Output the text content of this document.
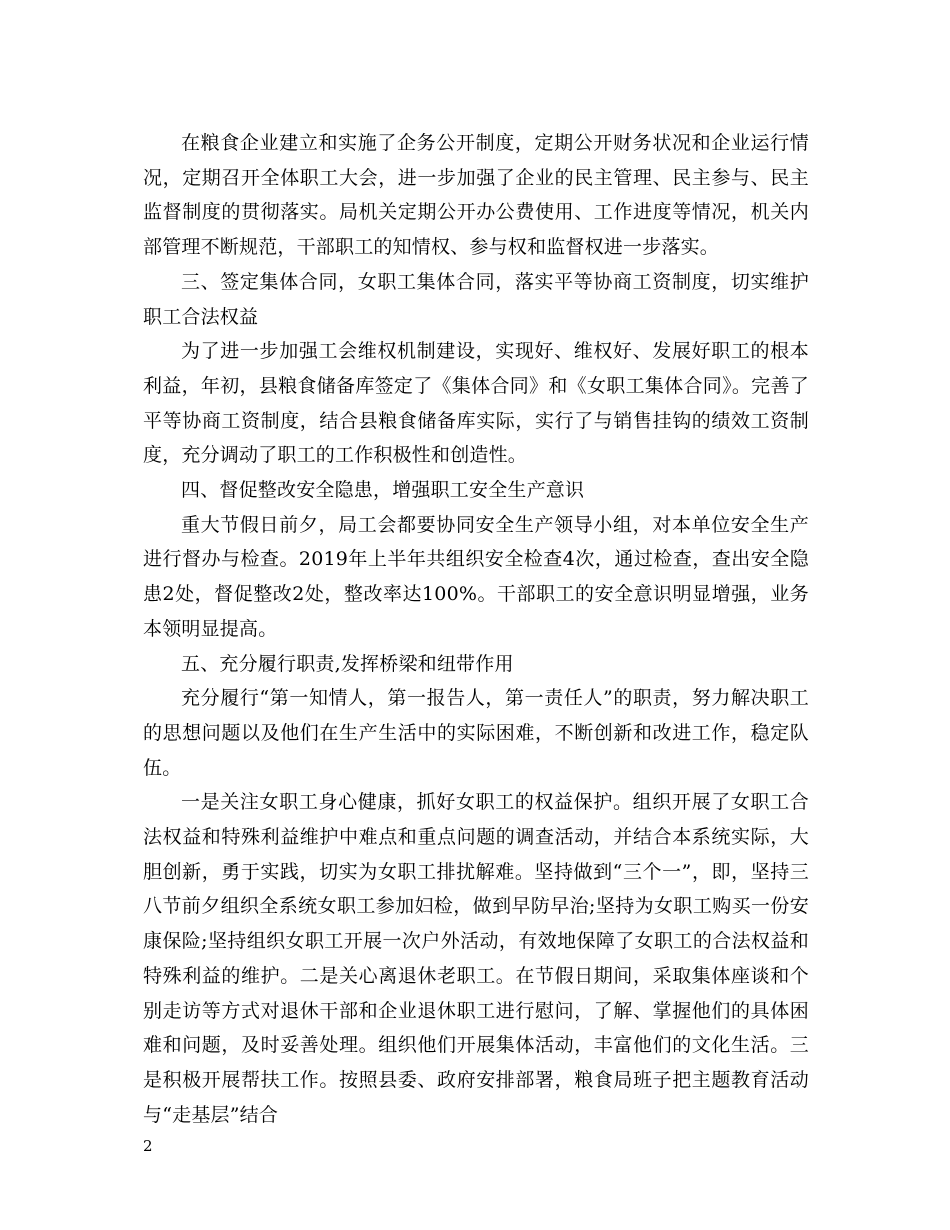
在粮食企业建立和实施了企务公开制度，定期公开财务状况和企业运行情况，定期召开全体职工大会，进一步加强了企业的民主管理、民主参与、民主监督制度的贯彻落实。局机关定期公开办公费使用、工作进度等情况，机关内部管理不断规范，干部职工的知情权、参与权和监督权进一步落实。

三、签定集体合同，女职工集体合同，落实平等协商工资制度，切实维护职工合法权益

为了进一步加强工会维权机制建设，实现好、维权好、发展好职工的根本利益，年初，县粮食储备库签定了《集体合同》和《女职工集体合同》。完善了平等协商工资制度，结合县粮食储备库实际，实行了与销售挂钩的绩效工资制度，充分调动了职工的工作积极性和创造性。

四、督促整改安全隐患，增强职工安全生产意识

重大节假日前夕，局工会都要协同安全生产领导小组，对本单位安全生产进行督办与检查。2019年上半年共组织安全检查4次，通过检查，查出安全隐患2处，督促整改2处，整改率达100%。干部职工的安全意识明显增强，业务本领明显提高。

五、充分履行职责,发挥桥梁和纽带作用

充分履行“第一知情人，第一报告人，第一责任人”的职责，努力解决职工的思想问题以及他们在生产生活中的实际困难，不断创新和改进工作，稳定队伍。

一是关注女职工身心健康，抓好女职工的权益保护。组织开展了女职工合法权益和特殊利益维护中难点和重点问题的调查活动，并结合本系统实际，大胆创新，勇于实践，切实为女职工排扰解难。坚持做到“三个一”，即，坚持三八节前夕组织全系统女职工参加妇检，做到早防早治;坚持为女职工购买一份安康保险;坚持组织女职工开展一次户外活动，有效地保障了女职工的合法权益和特殊利益的维护。二是关心离退休老职工。在节假日期间，采取集体座谈和个别走访等方式对退休干部和企业退休职工进行慰问，了解、掌握他们的具体困难和问题，及时妥善处理。组织他们开展集体活动，丰富他们的文化生活。三是积极开展帮扶工作。按照县委、政府安排部署，粮食局班子把主题教育活动与“走基层”结合

2
